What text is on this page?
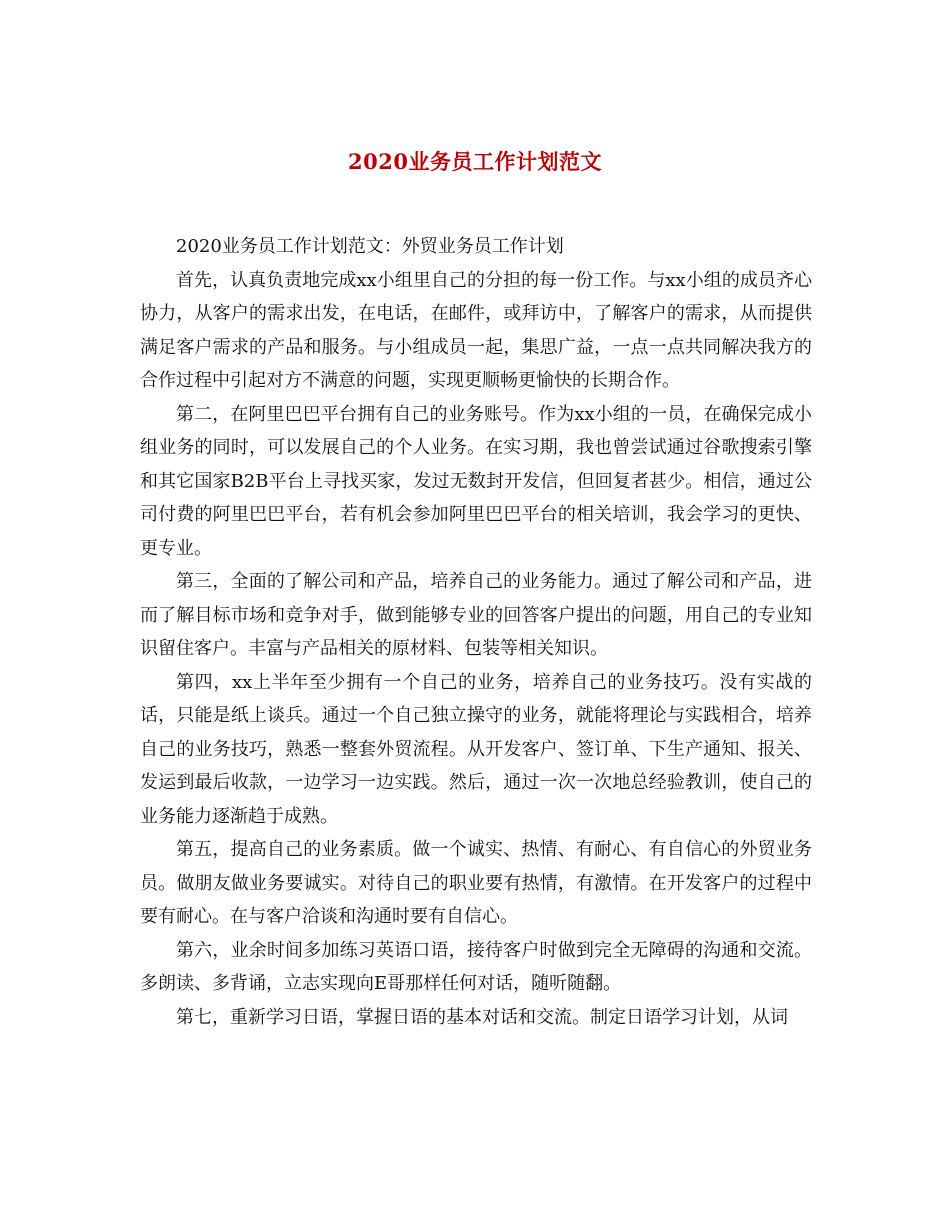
2020业务员工作计划范文

2020业务员工作计划范文：外贸业务员工作计划

首先，认真负责地完成xx小组里自己的分担的每一份工作。与xx小组的成员齐心协力，从客户的需求出发，在电话，在邮件，或拜访中，了解客户的需求，从而提供满足客户需求的产品和服务。与小组成员一起，集思广益，一点一点共同解决我方的合作过程中引起对方不满意的问题，实现更顺畅更愉快的长期合作。

第二，在阿里巴巴平台拥有自己的业务账号。作为xx小组的一员，在确保完成小组业务的同时，可以发展自己的个人业务。在实习期，我也曾尝试通过谷歌搜索引擎和其它国家B2B平台上寻找买家，发过无数封开发信，但回复者甚少。相信，通过公司付费的阿里巴巴平台，若有机会参加阿里巴巴平台的相关培训，我会学习的更快、更专业。

第三，全面的了解公司和产品，培养自己的业务能力。通过了解公司和产品，进而了解目标市场和竞争对手，做到能够专业的回答客户提出的问题，用自己的专业知识留住客户。丰富与产品相关的原材料、包装等相关知识。

第四，xx上半年至少拥有一个自己的业务，培养自己的业务技巧。没有实战的话，只能是纸上谈兵。通过一个自己独立操守的业务，就能将理论与实践相合，培养自己的业务技巧，熟悉一整套外贸流程。从开发客户、签订单、下生产通知、报关、发运到最后收款，一边学习一边实践。然后，通过一次一次地总经验教训，使自己的业务能力逐渐趋于成熟。

第五，提高自己的业务素质。做一个诚实、热情、有耐心、有自信心的外贸业务员。做朋友做业务要诚实。对待自己的职业要有热情，有激情。在开发客户的过程中要有耐心。在与客户洽谈和沟通时要有自信心。

第六，业余时间多加练习英语口语，接待客户时做到完全无障碍的沟通和交流。多朗读、多背诵，立志实现向E哥那样任何对话，随听随翻。

第七，重新学习日语，掌握日语的基本对话和交流。制定日语学习计划，从词
